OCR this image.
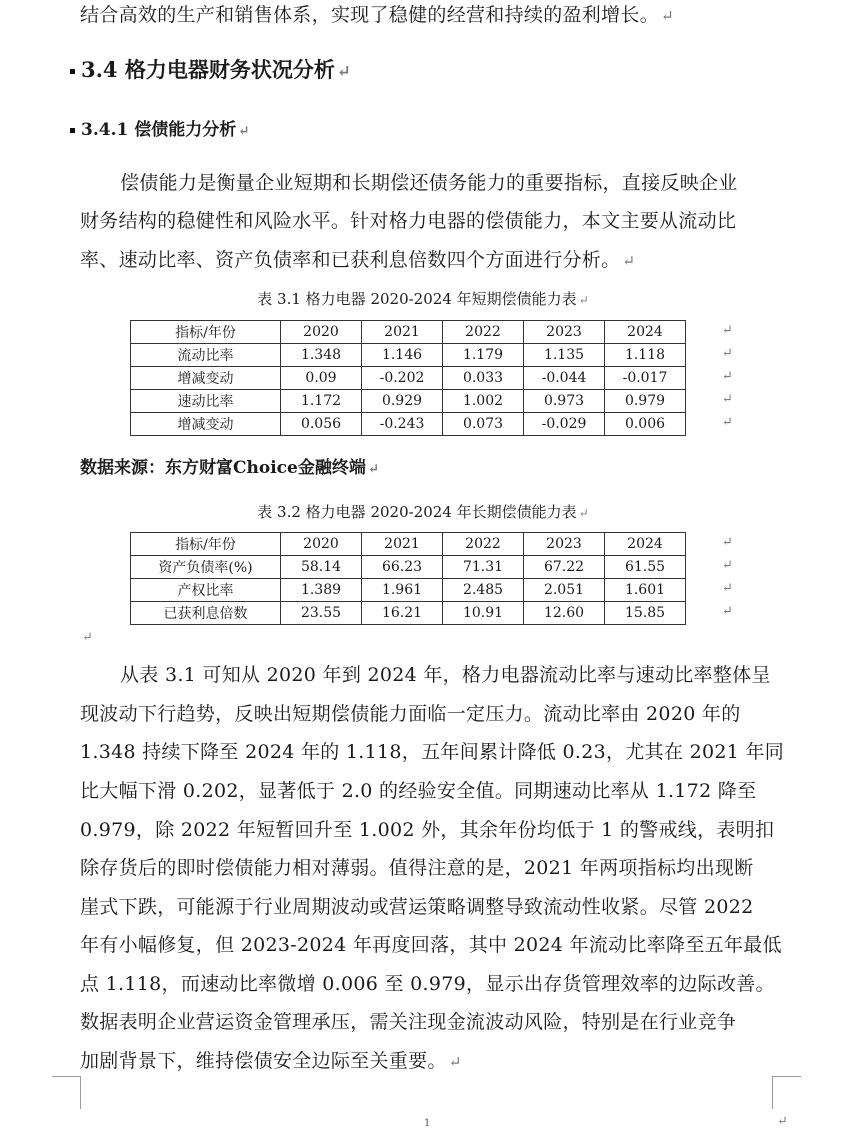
结合高效的生产和销售体系，实现了稳健的经营和持续的盈利增长。 ↵
3.4 格力电器财务状况分析 ↵
3.4.1 偿债能力分析 ↵
偿债能力是衡量企业短期和长期偿还债务能力的重要指标，直接反映企业
财务结构的稳健性和风险水平。针对格力电器的偿债能力，本文主要从流动比
率、速动比率、资产负债率和已获利息倍数四个方面进行分析。 ↵
表 3.1 格力电器 2020-2024 年短期偿债能力表 ↵
指标/年份	2020	2021	2022	2023	2024
流动比率	1.348	1.146	1.179	1.135	1.118
增减变动	0.09	-0.202	0.033	-0.044	-0.017
速动比率	1.172	0.929	1.002	0.973	0.979
增减变动	0.056	-0.243	0.073	-0.029	0.006
↵
↵
↵
↵
↵
数据来源：东方财富Choice金融终端 ↵
表 3.2 格力电器 2020-2024 年长期偿债能力表 ↵
指标/年份	2020	2021	2022	2023	2024
资产负债率(%)	58.14	66.23	71.31	67.22	61.55
产权比率	1.389	1.961	2.485	2.051	1.601
已获利息倍数	23.55	16.21	10.91	12.60	15.85
↵
↵
↵
↵
↵
从表 3.1 可知从 2020 年到 2024 年，格力电器流动比率与速动比率整体呈
现波动下行趋势，反映出短期偿债能力面临一定压力。流动比率由 2020 年的
1.348 持续下降至 2024 年的 1.118，五年间累计降低 0.23，尤其在 2021 年同
比大幅下滑 0.202，显著低于 2.0 的经验安全值。同期速动比率从 1.172 降至
0.979，除 2022 年短暂回升至 1.002 外，其余年份均低于 1 的警戒线，表明扣
除存货后的即时偿债能力相对薄弱。值得注意的是，2021 年两项指标均出现断
崖式下跌，可能源于行业周期波动或营运策略调整导致流动性收紧。尽管 2022
年有小幅修复，但 2023-2024 年再度回落，其中 2024 年流动比率降至五年最低
点 1.118，而速动比率微增 0.006 至 0.979，显示出存货管理效率的边际改善。
数据表明企业营运资金管理承压，需关注现金流波动风险，特别是在行业竞争
加剧背景下，维持偿债安全边际至关重要。 ↵
↵
1
